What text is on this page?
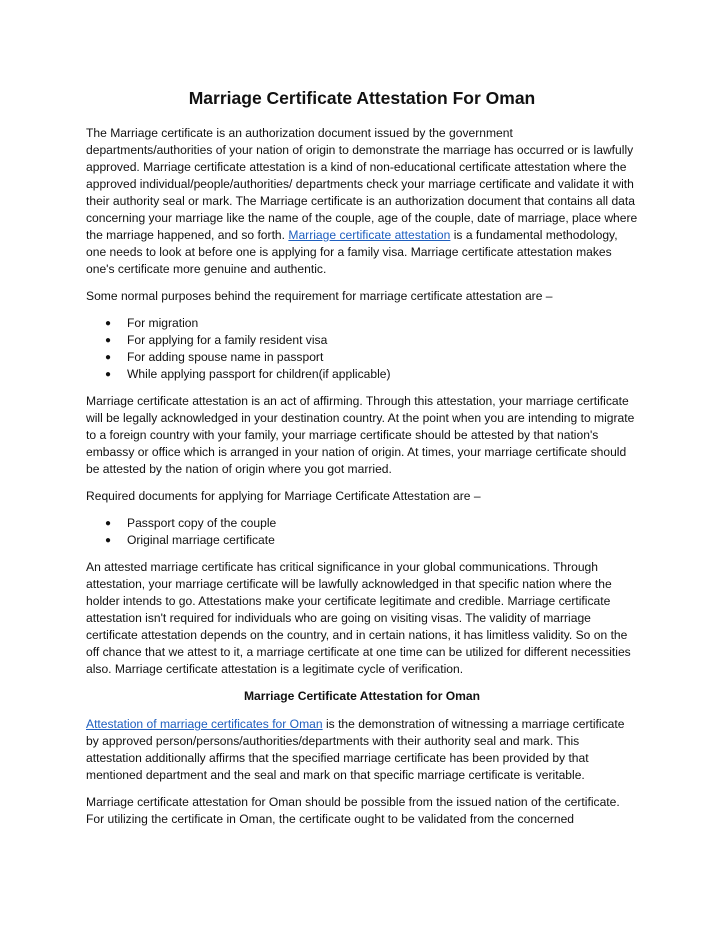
Marriage Certificate Attestation For Oman

The Marriage certificate is an authorization document issued by the government departments/authorities of your nation of origin to demonstrate the marriage has occurred or is lawfully approved. Marriage certificate attestation is a kind of non-educational certificate attestation where the approved individual/people/authorities/ departments check your marriage certificate and validate it with their authority seal or mark. The Marriage certificate is an authorization document that contains all data concerning your marriage like the name of the couple, age of the couple, date of marriage, place where the marriage happened, and so forth. Marriage certificate attestation is a fundamental methodology, one needs to look at before one is applying for a family visa. Marriage certificate attestation makes one's certificate more genuine and authentic.

Some normal purposes behind the requirement for marriage certificate attestation are –

● For migration
● For applying for a family resident visa
● For adding spouse name in passport
● While applying passport for children(if applicable)

Marriage certificate attestation is an act of affirming. Through this attestation, your marriage certificate will be legally acknowledged in your destination country. At the point when you are intending to migrate to a foreign country with your family, your marriage certificate should be attested by that nation's embassy or office which is arranged in your nation of origin. At times, your marriage certificate should be attested by the nation of origin where you got married.

Required documents for applying for Marriage Certificate Attestation are –

● Passport copy of the couple
● Original marriage certificate

An attested marriage certificate has critical significance in your global communications. Through attestation, your marriage certificate will be lawfully acknowledged in that specific nation where the holder intends to go. Attestations make your certificate legitimate and credible. Marriage certificate attestation isn't required for individuals who are going on visiting visas. The validity of marriage certificate attestation depends on the country, and in certain nations, it has limitless validity. So on the off chance that we attest to it, a marriage certificate at one time can be utilized for different necessities also. Marriage certificate attestation is a legitimate cycle of verification.

Marriage Certificate Attestation for Oman

Attestation of marriage certificates for Oman is the demonstration of witnessing a marriage certificate by approved person/persons/authorities/departments with their authority seal and mark. This attestation additionally affirms that the specified marriage certificate has been provided by that mentioned department and the seal and mark on that specific marriage certificate is veritable.

Marriage certificate attestation for Oman should be possible from the issued nation of the certificate. For utilizing the certificate in Oman, the certificate ought to be validated from the concerned
